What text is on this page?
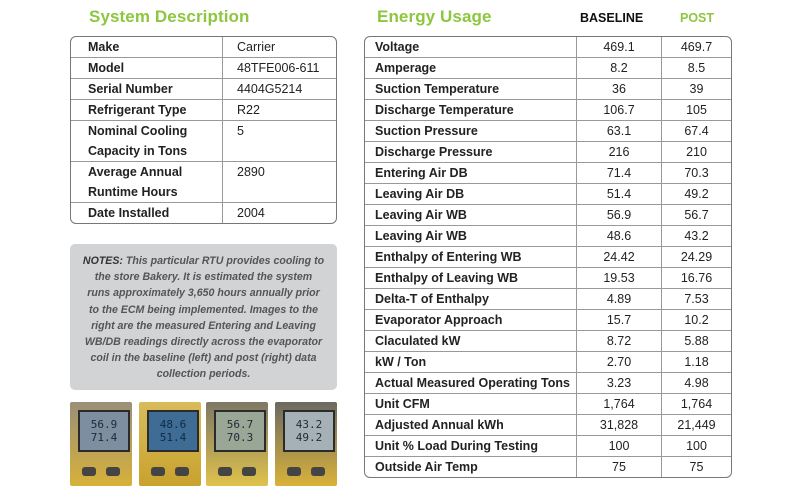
System Description	Energy Usage	BASELINE	POST
Make	Carrier
Model	48TFE006-611
Serial Number	4404G5214
Refrigerant Type	R22
Nominal Cooling
Capacity in Tons	5
Average Annual
Runtime Hours	2890
Date Installed	2004
NOTES: This particular RTU provides cooling to the store Bakery. It is estimated the system runs approximately 3,650 hours annually prior to the ECM being implemented. Images to the right are the measured Entering and Leaving WB/DB readings directly across the evaporator coil in the baseline (left) and post (right) data collection periods.
56.9
71.4
48.6
51.4
56.7
70.3
43.2
49.2
Voltage	469.1	469.7
Amperage	8.2	8.5
Suction Temperature	36	39
Discharge Temperature	106.7	105
Suction Pressure	63.1	67.4
Discharge Pressure	216	210
Entering Air DB	71.4	70.3
Leaving Air DB	51.4	49.2
Leaving Air WB	56.9	56.7
Leaving Air WB	48.6	43.2
Enthalpy of Entering WB	24.42	24.29
Enthalpy of Leaving WB	19.53	16.76
Delta-T of Enthalpy	4.89	7.53
Evaporator Approach	15.7	10.2
Claculated kW	8.72	5.88
kW / Ton	2.70	1.18
Actual Measured Operating Tons	3.23	4.98
Unit CFM	1,764	1,764
Adjusted Annual kWh	31,828	21,449
Unit % Load During Testing	100	100
Outside Air Temp	75	75
